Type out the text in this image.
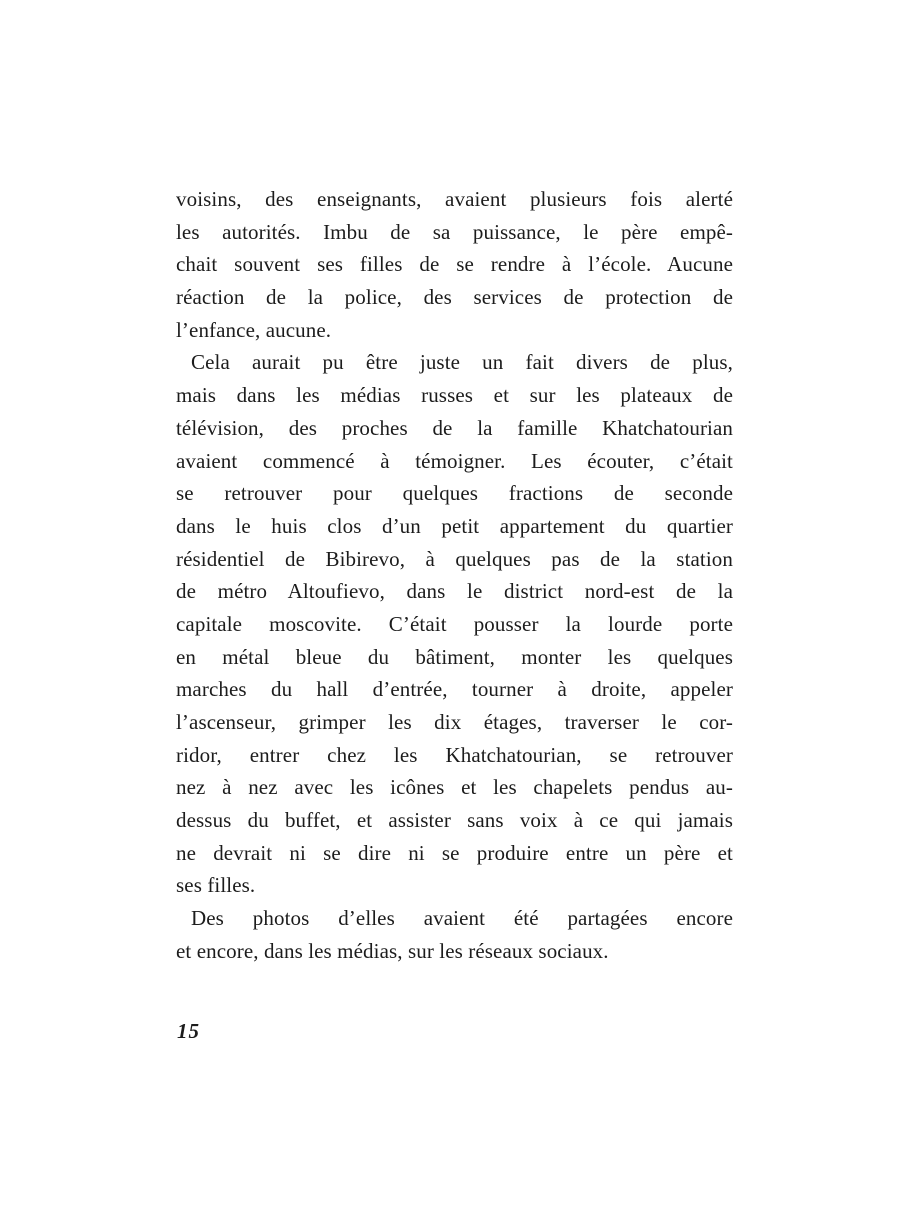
voisins, des enseignants, avaient plusieurs fois alerté
les autorités. Imbu de sa puissance, le père empê-
chait souvent ses filles de se rendre à l’école. Aucune
réaction de la police, des services de protection de
l’enfance, aucune.
Cela aurait pu être juste un fait divers de plus,
mais dans les médias russes et sur les plateaux de
télévision, des proches de la famille Khatchatourian
avaient commencé à témoigner. Les écouter, c’était
se retrouver pour quelques fractions de seconde
dans le huis clos d’un petit appartement du quartier
résidentiel de Bibirevo, à quelques pas de la station
de métro Altoufievo, dans le district nord-est de la
capitale moscovite. C’était pousser la lourde porte
en métal bleue du bâtiment, monter les quelques
marches du hall d’entrée, tourner à droite, appeler
l’ascenseur, grimper les dix étages, traverser le cor-
ridor, entrer chez les Khatchatourian, se retrouver
nez à nez avec les icônes et les chapelets pendus au-
dessus du buffet, et assister sans voix à ce qui jamais
ne devrait ni se dire ni se produire entre un père et
ses filles.
Des photos d’elles avaient été partagées encore
et encore, dans les médias, sur les réseaux sociaux.
15
